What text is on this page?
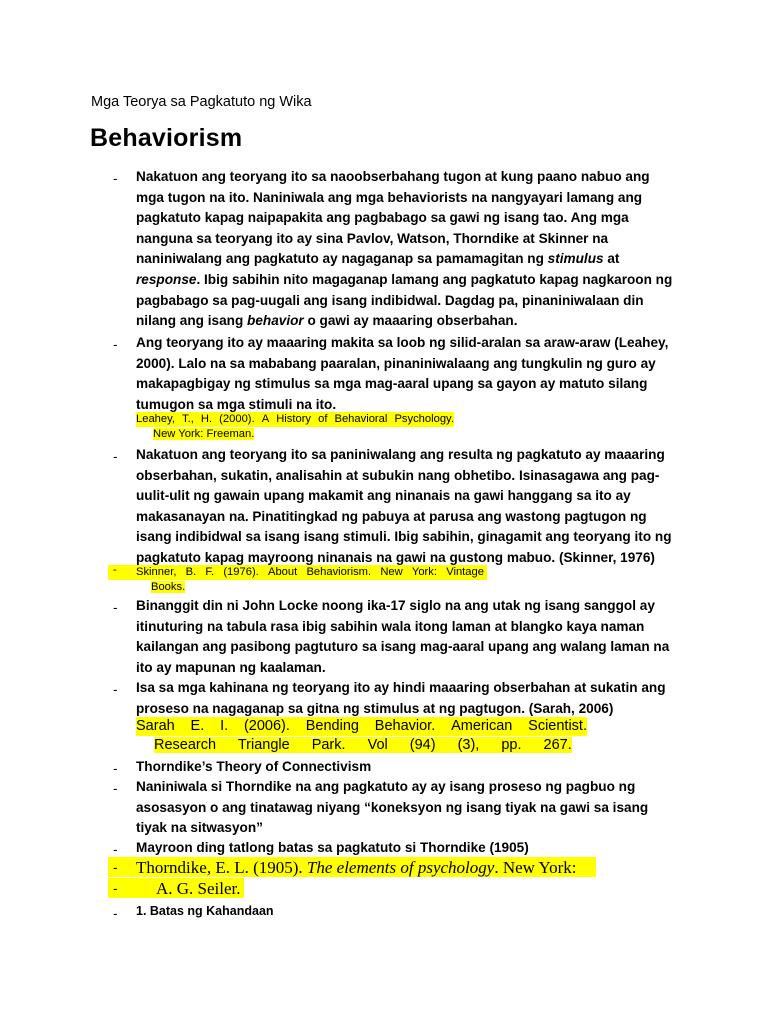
Mga Teorya sa Pagkatuto ng Wika
Behaviorism
- Nakatuon ang teoryang ito sa naoobserbahang tugon at kung paano nabuo ang mga tugon na ito. Naniniwala ang mga behaviorists na nangyayari lamang ang pagkatuto kapag naipapakita ang pagbabago sa gawi ng isang tao. Ang mga nanguna sa teoryang ito ay sina Pavlov, Watson, Thorndike at Skinner na naniniwalang ang pagkatuto ay nagaganap sa pamamagitan ng stimulus at response. Ibig sabihin nito magaganap lamang ang pagkatuto kapag nagkaroon ng pagbabago sa pag-uugali ang isang indibidwal. Dagdag pa, pinaniniwalaan din nilang ang isang behavior o gawi ay maaaring obserbahan.
- Ang teoryang ito ay maaaring makita sa loob ng silid-aralan sa araw-araw (Leahey, 2000). Lalo na sa mababang paaralan, pinaniniwalaang ang tungkulin ng guro ay makapagbigay ng stimulus sa mga mag-aaral upang sa gayon ay matuto silang tumugon sa mga stimuli na ito.
Leahey, T., H. (2000). A History of Behavioral Psychology.
New York: Freeman.
- Nakatuon ang teoryang ito sa paniniwalang ang resulta ng pagkatuto ay maaaring obserbahan, sukatin, analisahin at subukin nang obhetibo. Isinasagawa ang pag-uulit-ulit ng gawain upang makamit ang ninanais na gawi hanggang sa ito ay makasanayan na. Pinatitingkad ng pabuya at parusa ang wastong pagtugon ng isang indibidwal sa isang isang stimuli. Ibig sabihin, ginagamit ang teoryang ito ng pagkatuto kapag mayroong ninanais na gawi na gustong mabuo. (Skinner, 1976)
- Skinner, B. F. (1976). About Behaviorism. New York: Vintage
Books.
- Binanggit din ni John Locke noong ika-17 siglo na ang utak ng isang sanggol ay itinuturing na tabula rasa ibig sabihin wala itong laman at blangko kaya naman kailangan ang pasibong pagtuturo sa isang mag-aaral upang ang walang laman na ito ay mapunan ng kaalaman.
- Isa sa mga kahinana ng teoryang ito ay hindi maaaring obserbahan at sukatin ang proseso na nagaganap sa gitna ng stimulus at ng pagtugon. (Sarah, 2006)
Sarah E. I. (2006). Bending Behavior. American Scientist.
Research Triangle Park. Vol (94) (3), pp. 267.
- Thorndike’s Theory of Connectivism
- Naniniwala si Thorndike na ang pagkatuto ay ay isang proseso ng pagbuo ng asosasyon o ang tinatawag niyang “koneksyon ng isang tiyak na gawi sa isang tiyak na sitwasyon”
- Mayroon ding tatlong batas sa pagkatuto si Thorndike (1905)
-
-
Thorndike, E. L. (1905). The elements of psychology. New York:
A. G. Seiler.
- 1. Batas ng Kahandaan
